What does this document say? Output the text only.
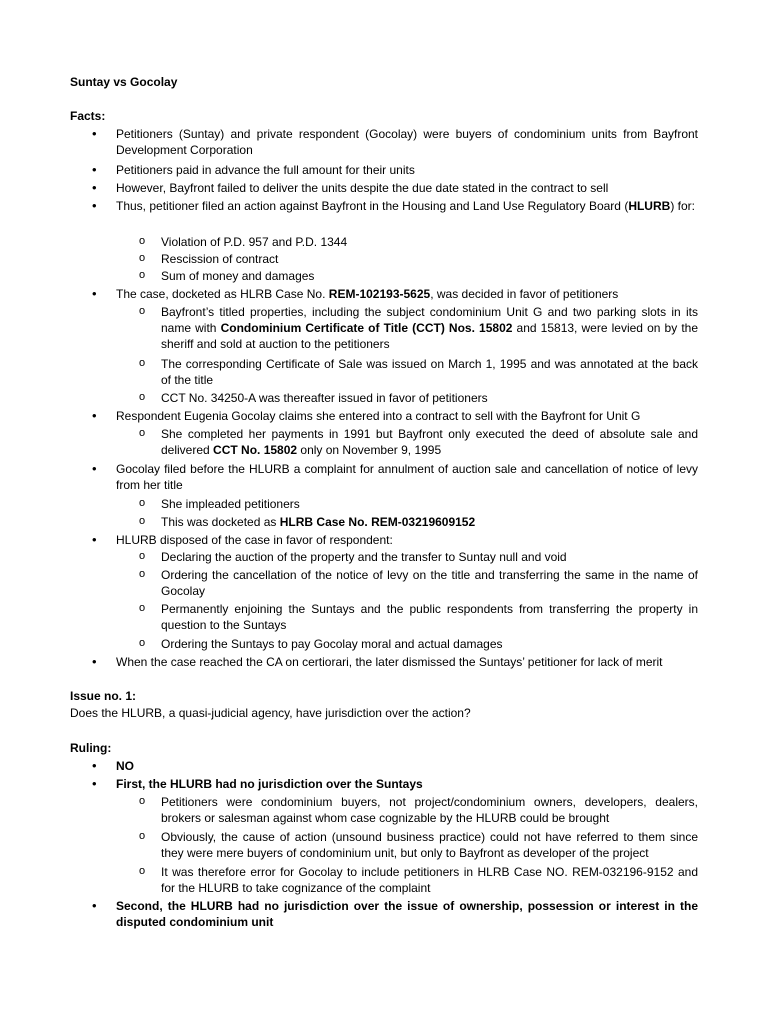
Suntay vs Gocolay
Facts:
• Petitioners (Suntay) and private respondent (Gocolay) were buyers of condominium units from Bayfront Development Corporation
• Petitioners paid in advance the full amount for their units
• However, Bayfront failed to deliver the units despite the due date stated in the contract to sell
• Thus, petitioner filed an action against Bayfront in the Housing and Land Use Regulatory Board (HLURB) for:
o Violation of P.D. 957 and P.D. 1344
o Rescission of contract
o Sum of money and damages
• The case, docketed as HLRB Case No. REM-102193-5625, was decided in favor of petitioners
o Bayfront’s titled properties, including the subject condominium Unit G and two parking slots in its name with Condominium Certificate of Title (CCT) Nos. 15802 and 15813, were levied on by the sheriff and sold at auction to the petitioners
o The corresponding Certificate of Sale was issued on March 1, 1995 and was annotated at the back of the title
o CCT No. 34250-A was thereafter issued in favor of petitioners
• Respondent Eugenia Gocolay claims she entered into a contract to sell with the Bayfront for Unit G
o She completed her payments in 1991 but Bayfront only executed the deed of absolute sale and delivered CCT No. 15802 only on November 9, 1995
• Gocolay filed before the HLURB a complaint for annulment of auction sale and cancellation of notice of levy from her title
o She impleaded petitioners
o This was docketed as HLRB Case No. REM-03219609152
• HLURB disposed of the case in favor of respondent:
o Declaring the auction of the property and the transfer to Suntay null and void
o Ordering the cancellation of the notice of levy on the title and transferring the same in the name of Gocolay
o Permanently enjoining the Suntays and the public respondents from transferring the property in question to the Suntays
o Ordering the Suntays to pay Gocolay moral and actual damages
• When the case reached the CA on certiorari, the later dismissed the Suntays’ petitioner for lack of merit
Issue no. 1:
Does the HLURB, a quasi-judicial agency, have jurisdiction over the action?
Ruling:
• NO
• First, the HLURB had no jurisdiction over the Suntays
o Petitioners were condominium buyers, not project/condominium owners, developers, dealers, brokers or salesman against whom case cognizable by the HLURB could be brought
o Obviously, the cause of action (unsound business practice) could not have referred to them since they were mere buyers of condominium unit, but only to Bayfront as developer of the project
o It was therefore error for Gocolay to include petitioners in HLRB Case NO. REM-032196-9152 and for the HLURB to take cognizance of the complaint
• Second, the HLURB had no jurisdiction over the issue of ownership, possession or interest in the disputed condominium unit
